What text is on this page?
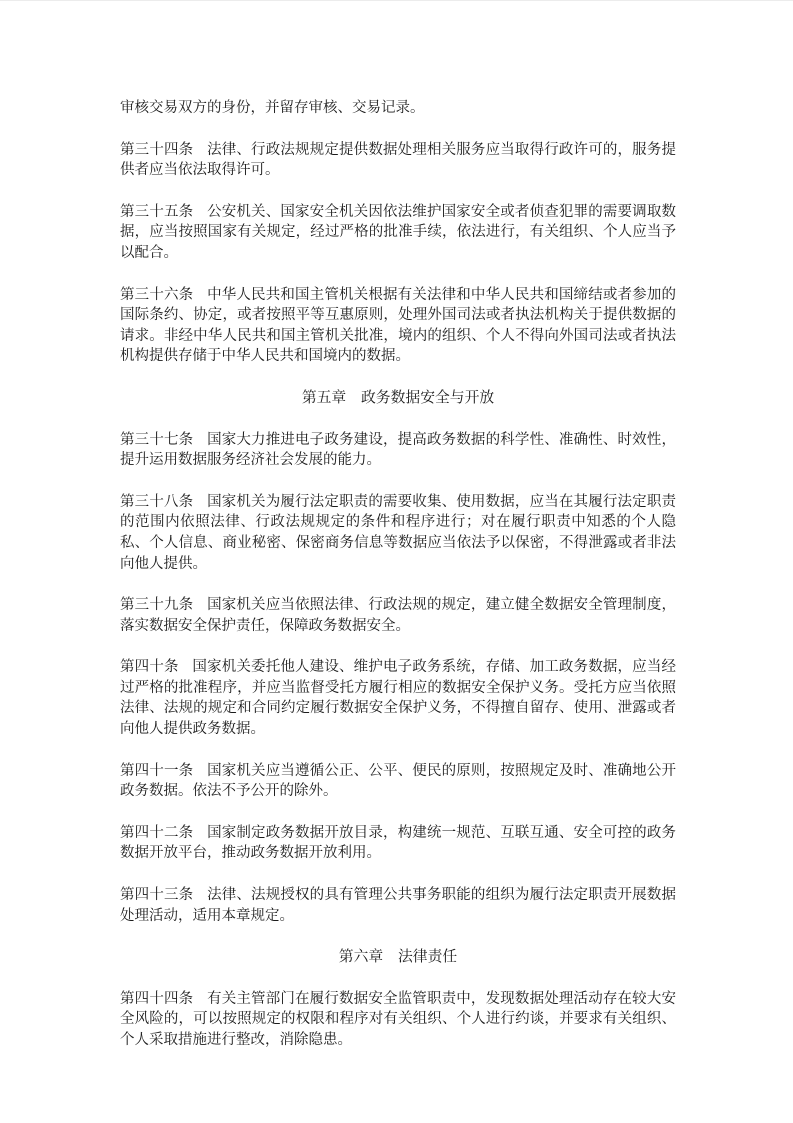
审核交易双方的身份，并留存审核、交易记录。

第三十四条 法律、行政法规规定提供数据处理相关服务应当取得行政许可的，服务提供者应当依法取得许可。

第三十五条 公安机关、国家安全机关因依法维护国家安全或者侦查犯罪的需要调取数据，应当按照国家有关规定，经过严格的批准手续，依法进行，有关组织、个人应当予以配合。

第三十六条 中华人民共和国主管机关根据有关法律和中华人民共和国缔结或者参加的国际条约、协定，或者按照平等互惠原则，处理外国司法或者执法机构关于提供数据的请求。非经中华人民共和国主管机关批准，境内的组织、个人不得向外国司法或者执法机构提供存储于中华人民共和国境内的数据。

第五章　政务数据安全与开放

第三十七条 国家大力推进电子政务建设，提高政务数据的科学性、准确性、时效性，提升运用数据服务经济社会发展的能力。

第三十八条 国家机关为履行法定职责的需要收集、使用数据，应当在其履行法定职责的范围内依照法律、行政法规规定的条件和程序进行；对在履行职责中知悉的个人隐私、个人信息、商业秘密、保密商务信息等数据应当依法予以保密，不得泄露或者非法向他人提供。

第三十九条 国家机关应当依照法律、行政法规的规定，建立健全数据安全管理制度，落实数据安全保护责任，保障政务数据安全。

第四十条 国家机关委托他人建设、维护电子政务系统，存储、加工政务数据，应当经过严格的批准程序，并应当监督受托方履行相应的数据安全保护义务。受托方应当依照法律、法规的规定和合同约定履行数据安全保护义务，不得擅自留存、使用、泄露或者向他人提供政务数据。

第四十一条 国家机关应当遵循公正、公平、便民的原则，按照规定及时、准确地公开政务数据。依法不予公开的除外。

第四十二条 国家制定政务数据开放目录，构建统一规范、互联互通、安全可控的政务数据开放平台，推动政务数据开放利用。

第四十三条 法律、法规授权的具有管理公共事务职能的组织为履行法定职责开展数据处理活动，适用本章规定。

第六章　法律责任

第四十四条 有关主管部门在履行数据安全监管职责中，发现数据处理活动存在较大安全风险的，可以按照规定的权限和程序对有关组织、个人进行约谈，并要求有关组织、个人采取措施进行整改，消除隐患。
